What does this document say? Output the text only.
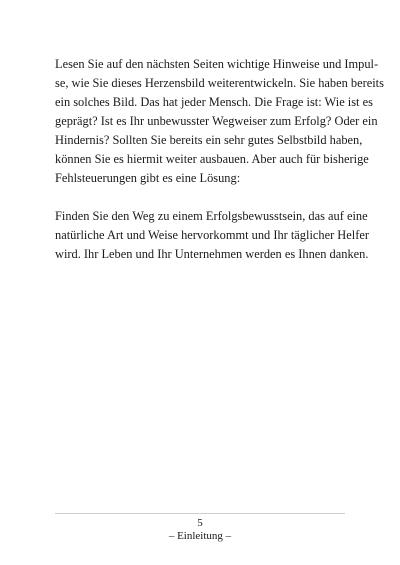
Lesen Sie auf den nächsten Seiten wichtige Hinweise und Impul-
se, wie Sie dieses Herzensbild weiterentwickeln. Sie haben bereits
ein solches Bild. Das hat jeder Mensch. Die Frage ist: Wie ist es
geprägt? Ist es Ihr unbewusster Wegweiser zum Erfolg? Oder ein
Hindernis? Sollten Sie bereits ein sehr gutes Selbstbild haben,
können Sie es hiermit weiter ausbauen. Aber auch für bisherige
Fehlsteuerungen gibt es eine Lösung:

Finden Sie den Weg zu einem Erfolgsbewusstsein, das auf eine
natürliche Art und Weise hervorkommt und Ihr täglicher Helfer
wird. Ihr Leben und Ihr Unternehmen werden es Ihnen danken.

5
– Einleitung –
